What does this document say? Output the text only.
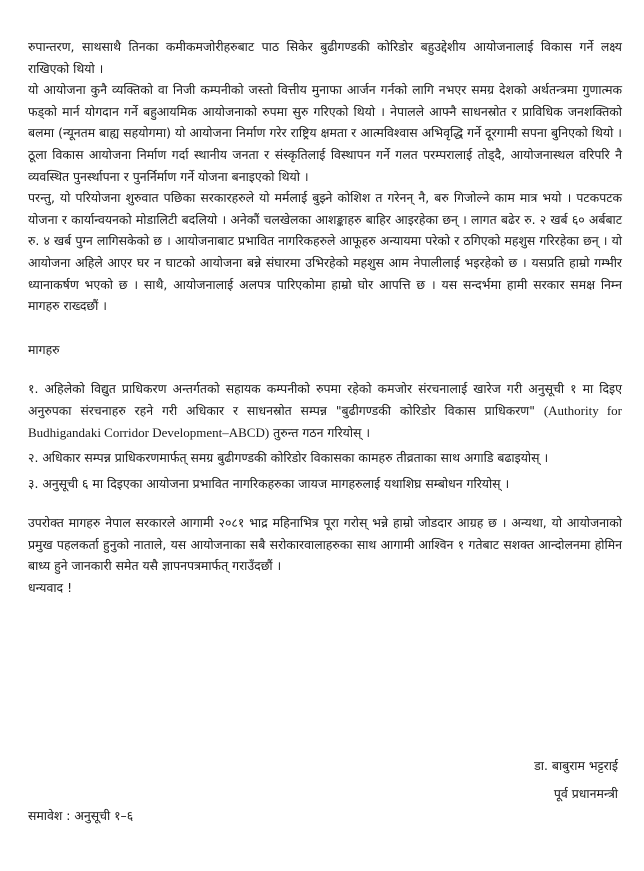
रुपान्तरण, साथसाथै तिनका कमीकमजोरीहरुबाट पाठ सिकेर बुढीगण्डकी कोरिडोर बहुउद्देशीय आयोजनालाई विकास गर्ने लक्ष्य राखिएको थियो ।

यो आयोजना कुनै व्यक्तिको वा निजी कम्पनीको जस्तो वित्तीय मुनाफा आर्जन गर्नको लागि नभएर समग्र देशको अर्थतन्त्रमा गुणात्मक फड्को मार्न योगदान गर्ने बहुआयमिक आयोजनाको रुपमा सुरु गरिएको थियो । नेपालले आफ्नै साधनस्रोत र प्राविधिक जनशक्तिको बलमा (न्यूनतम बाह्य सहयोगमा) यो आयोजना निर्माण गरेर राष्ट्रिय क्षमता र आत्मविश्वास अभिवृद्धि गर्ने दूरगामी सपना बुनिएको थियो । ठूला विकास आयोजना निर्माण गर्दा स्थानीय जनता र संस्कृतिलाई विस्थापन गर्ने गलत परम्परालाई तोड्दै, आयोजनास्थल वरिपरि नै व्यवस्थित पुनर्स्थापना र पुनर्निर्माण गर्ने योजना बनाइएको थियो ।

परन्तु, यो परियोजना शुरुवात पछिका सरकारहरुले यो मर्मलाई बुझ्ने कोशिश त गरेनन् नै, बरु गिजोल्ने काम मात्र भयो । पटकपटक योजना र कार्यान्वयनको मोडालिटी बदलियो । अनेकौं चलखेलका आशङ्काहरु बाहिर आइरहेका छन् । लागत बढेर रु. २ खर्ब ६० अर्बबाट रु. ४ खर्ब पुग्न लागिसकेको छ । आयोजनाबाट प्रभावित नागरिकहरुले आफूहरु अन्यायमा परेको र ठगिएको महशुस गरिरहेका छन् । यो आयोजना अहिले आएर घर न घाटको आयोजना बन्ने संघारमा उभिरहेको महशुस आम नेपालीलाई भइरहेको छ । यसप्रति हाम्रो गम्भीर ध्यानाकर्षण भएको छ । साथै, आयोजनालाई अलपत्र पारिएकोमा हाम्रो घोर आपत्ति छ । यस सन्दर्भमा हामी सरकार समक्ष निम्न मागहरु राख्दछौं ।

मागहरु

१. अहिलेको विद्युत प्राधिकरण अन्तर्गतको सहायक कम्पनीको रुपमा रहेको कमजोर संरचनालाई खारेज गरी अनुसूची १ मा दिइए अनुरुपका संरचनाहरु रहने गरी अधिकार र साधनस्रोत सम्पन्न "बुढीगण्डकी कोरिडोर विकास प्राधिकरण" (Authority for Budhigandaki Corridor Development–ABCD) तुरुन्त गठन गरियोस् ।

२. अधिकार सम्पन्न प्राधिकरणमार्फत् समग्र बुढीगण्डकी कोरिडोर विकासका कामहरु तीव्रताका साथ अगाडि बढाइयोस् ।

३. अनुसूची ६ मा दिइएका आयोजना प्रभावित नागरिकहरुका जायज मागहरुलाई यथाशिघ्र सम्बोधन गरियोस् ।

उपरोक्त मागहरु नेपाल सरकारले आगामी २०८१ भाद्र महिनाभित्र पूरा गरोस् भन्ने हाम्रो जोडदार आग्रह छ । अन्यथा, यो आयोजनाको प्रमुख पहलकर्ता हुनुको नाताले, यस आयोजनाका सबै सरोकारवालाहरुका साथ आगामी आश्विन १ गतेबाट सशक्त आन्दोलनमा होमिन बाध्य हुने जानकारी समेत यसै ज्ञापनपत्रमार्फत् गराउँदछौं ।

धन्यवाद !

डा. बाबुराम भट्टराई
पूर्व प्रधानमन्त्री
समावेश : अनुसूची १–६
